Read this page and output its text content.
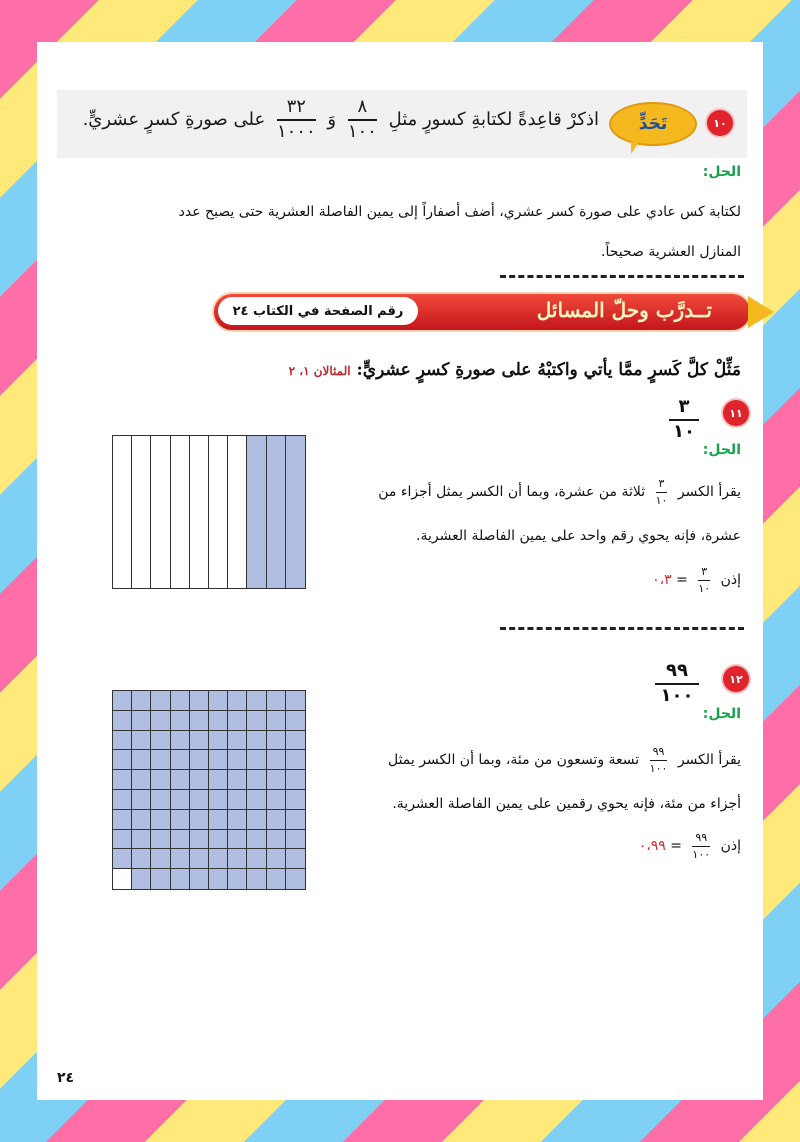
١٠
تَحَدٍّ
اذكرْ قاعِدةً لكتابةِ كسورٍ مثلِ
$\frac{٨}{١٠٠}$
وَ
$\frac{٣٢}{١٠٠٠}$
على صورةِ كسرٍ عشريٍّ.
الحل:
لكتابة كس عادي على صورة كسر عشري، أضف أصفاراً إلى يمين الفاصلة العشرية حتى يصبح عدد
المنازل العشرية صحيحاً.
تــدرَّب وحلّ المسائل
رقم الصفحة في الكتاب ٢٤
مَثِّلْ كلَّ كَسرٍ ممَّا يأتي واكتبْهُ على صورةِ كسرٍ عشريٍّ: المثالان ١، ٢
١١
$\frac{٣}{١٠}$
الحل:
يقرأ الكسر
$\frac{٣}{١٠}$
ثلاثة من عشرة، وبما أن الكسر يمثل أجزاء من
عشرة، فإنه يحوي رقم واحد على يمين الفاصلة العشرية.
إذن
$\frac{٣}{١٠}$
= ٠،٣
١٢
$\frac{٩٩}{١٠٠}$
الحل:
يقرأ الكسر
$\frac{٩٩}{١٠٠}$
تسعة وتسعون من مئة، وبما أن الكسر يمثل
أجزاء من مئة، فإنه يحوي رقمين على يمين الفاصلة العشرية.
إذن
$\frac{٩٩}{١٠٠}$
= ٠،٩٩
٢٤
